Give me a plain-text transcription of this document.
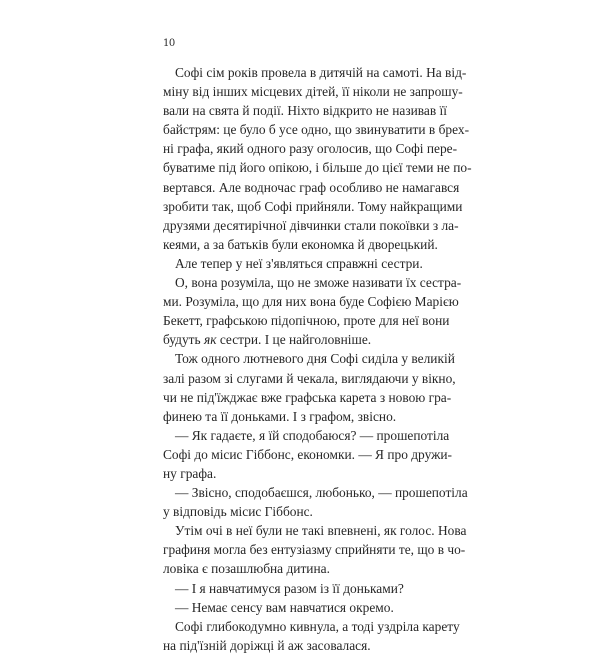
10
Софі сім років провела в дитячій на самоті. На від-
міну від інших місцевих дітей, її ніколи не запрошу-
вали на свята й події. Ніхто відкрито не називав її
байстрям: це було б усе одно, що звинуватити в брех-
ні графа, який одного разу оголосив, що Софі пере-
буватиме під його опікою, і більше до цієї теми не по-
вертався. Але водночас граф особливо не намагався
зробити так, щоб Софі прийняли. Тому найкращими
друзями десятирічної дівчинки стали покоївки з ла-
кеями, а за батьків були економка й дворецький.
Але тепер у неї з'являться справжні сестри.
О, вона розуміла, що не зможе називати їх сестра-
ми. Розуміла, що для них вона буде Софією Марією
Бекетт, графською підопічною, проте для неї вони
будуть як сестри. І це найголовніше.
Тож одного лютневого дня Софі сиділа у великій
залі разом зі слугами й чекала, виглядаючи у вікно,
чи не під'їжджає вже графська карета з новою гра-
финею та її доньками. І з графом, звісно.
— Як гадаєте, я їй сподобаюся? — прошепотіла
Софі до місис Гіббонс, економки. — Я про дружи-
ну графа.
— Звісно, сподобаєшся, любонько, — прошепотіла
у відповідь місис Гіббонс.
Утім очі в неї були не такі впевнені, як голос. Нова
графиня могла без ентузіазму сприйняти те, що в чо-
ловіка є позашлюбна дитина.
— І я навчатимуся разом із її доньками?
— Немає сенсу вам навчатися окремо.
Софі глибокодумно кивнула, а тоді уздріла карету
на під'їзній доріжці й аж засовалася.
